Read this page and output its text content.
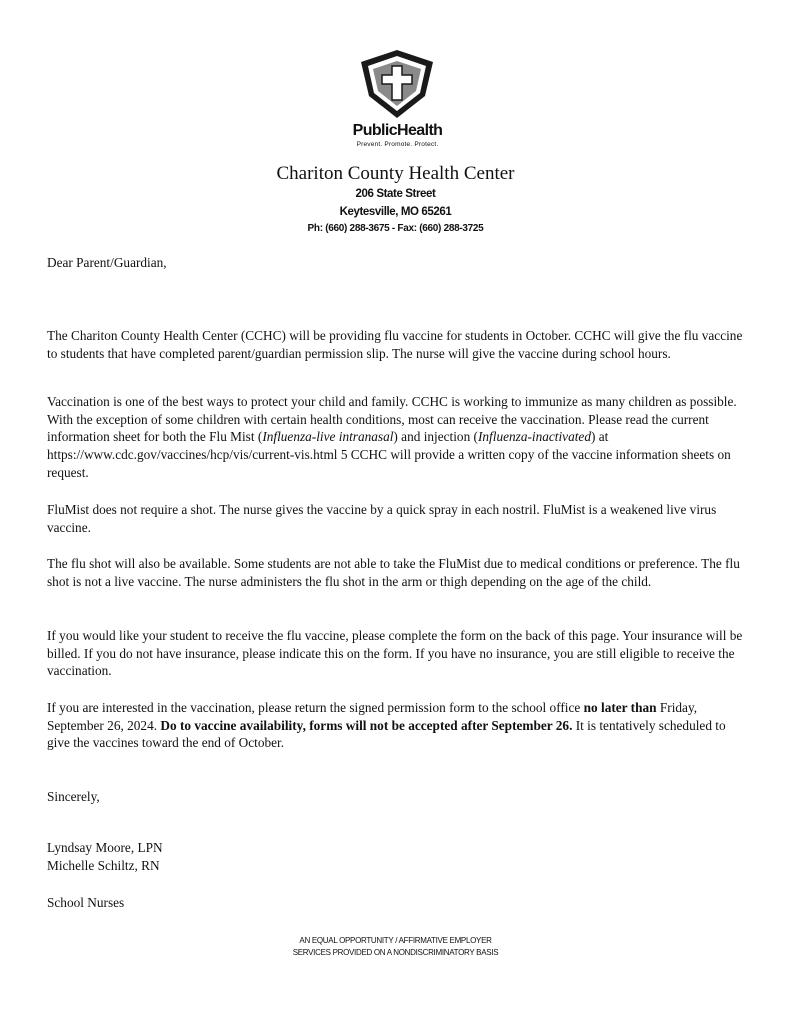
PublicHealth
Prevent. Promote. Protect.
Chariton County Health Center
206 State Street
Keytesville, MO 65261
Ph: (660) 288-3675 - Fax: (660) 288-3725
Dear Parent/Guardian,

The Chariton County Health Center (CCHC) will be providing flu vaccine for students in October. CCHC will give the flu vaccine to students that have completed parent/guardian permission slip. The nurse will give the vaccine during school hours.

Vaccination is one of the best ways to protect your child and family. CCHC is working to immunize as many children as possible. With the exception of some children with certain health conditions, most can receive the vaccination. Please read the current information sheet for both the Flu Mist (Influenza-live intranasal) and injection (Influenza-inactivated) at https://www.cdc.gov/vaccines/hcp/vis/current-vis.html 5 CCHC will provide a written copy of the vaccine information sheets on request.

FluMist does not require a shot. The nurse gives the vaccine by a quick spray in each nostril. FluMist is a weakened live virus vaccine.

The flu shot will also be available. Some students are not able to take the FluMist due to medical conditions or preference. The flu shot is not a live vaccine. The nurse administers the flu shot in the arm or thigh depending on the age of the child.

If you would like your student to receive the flu vaccine, please complete the form on the back of this page. Your insurance will be billed. If you do not have insurance, please indicate this on the form. If you have no insurance, you are still eligible to receive the vaccination.

If you are interested in the vaccination, please return the signed permission form to the school office no later than Friday, September 26, 2024. Do to vaccine availability, forms will not be accepted after September 26. It is tentatively scheduled to give the vaccines toward the end of October.

Sincerely,
Lyndsay Moore, LPN
Michelle Schiltz, RN
School Nurses
AN EQUAL OPPORTUNITY / AFFIRMATIVE EMPLOYER
SERVICES PROVIDED ON A NONDISCRIMINATORY BASIS
